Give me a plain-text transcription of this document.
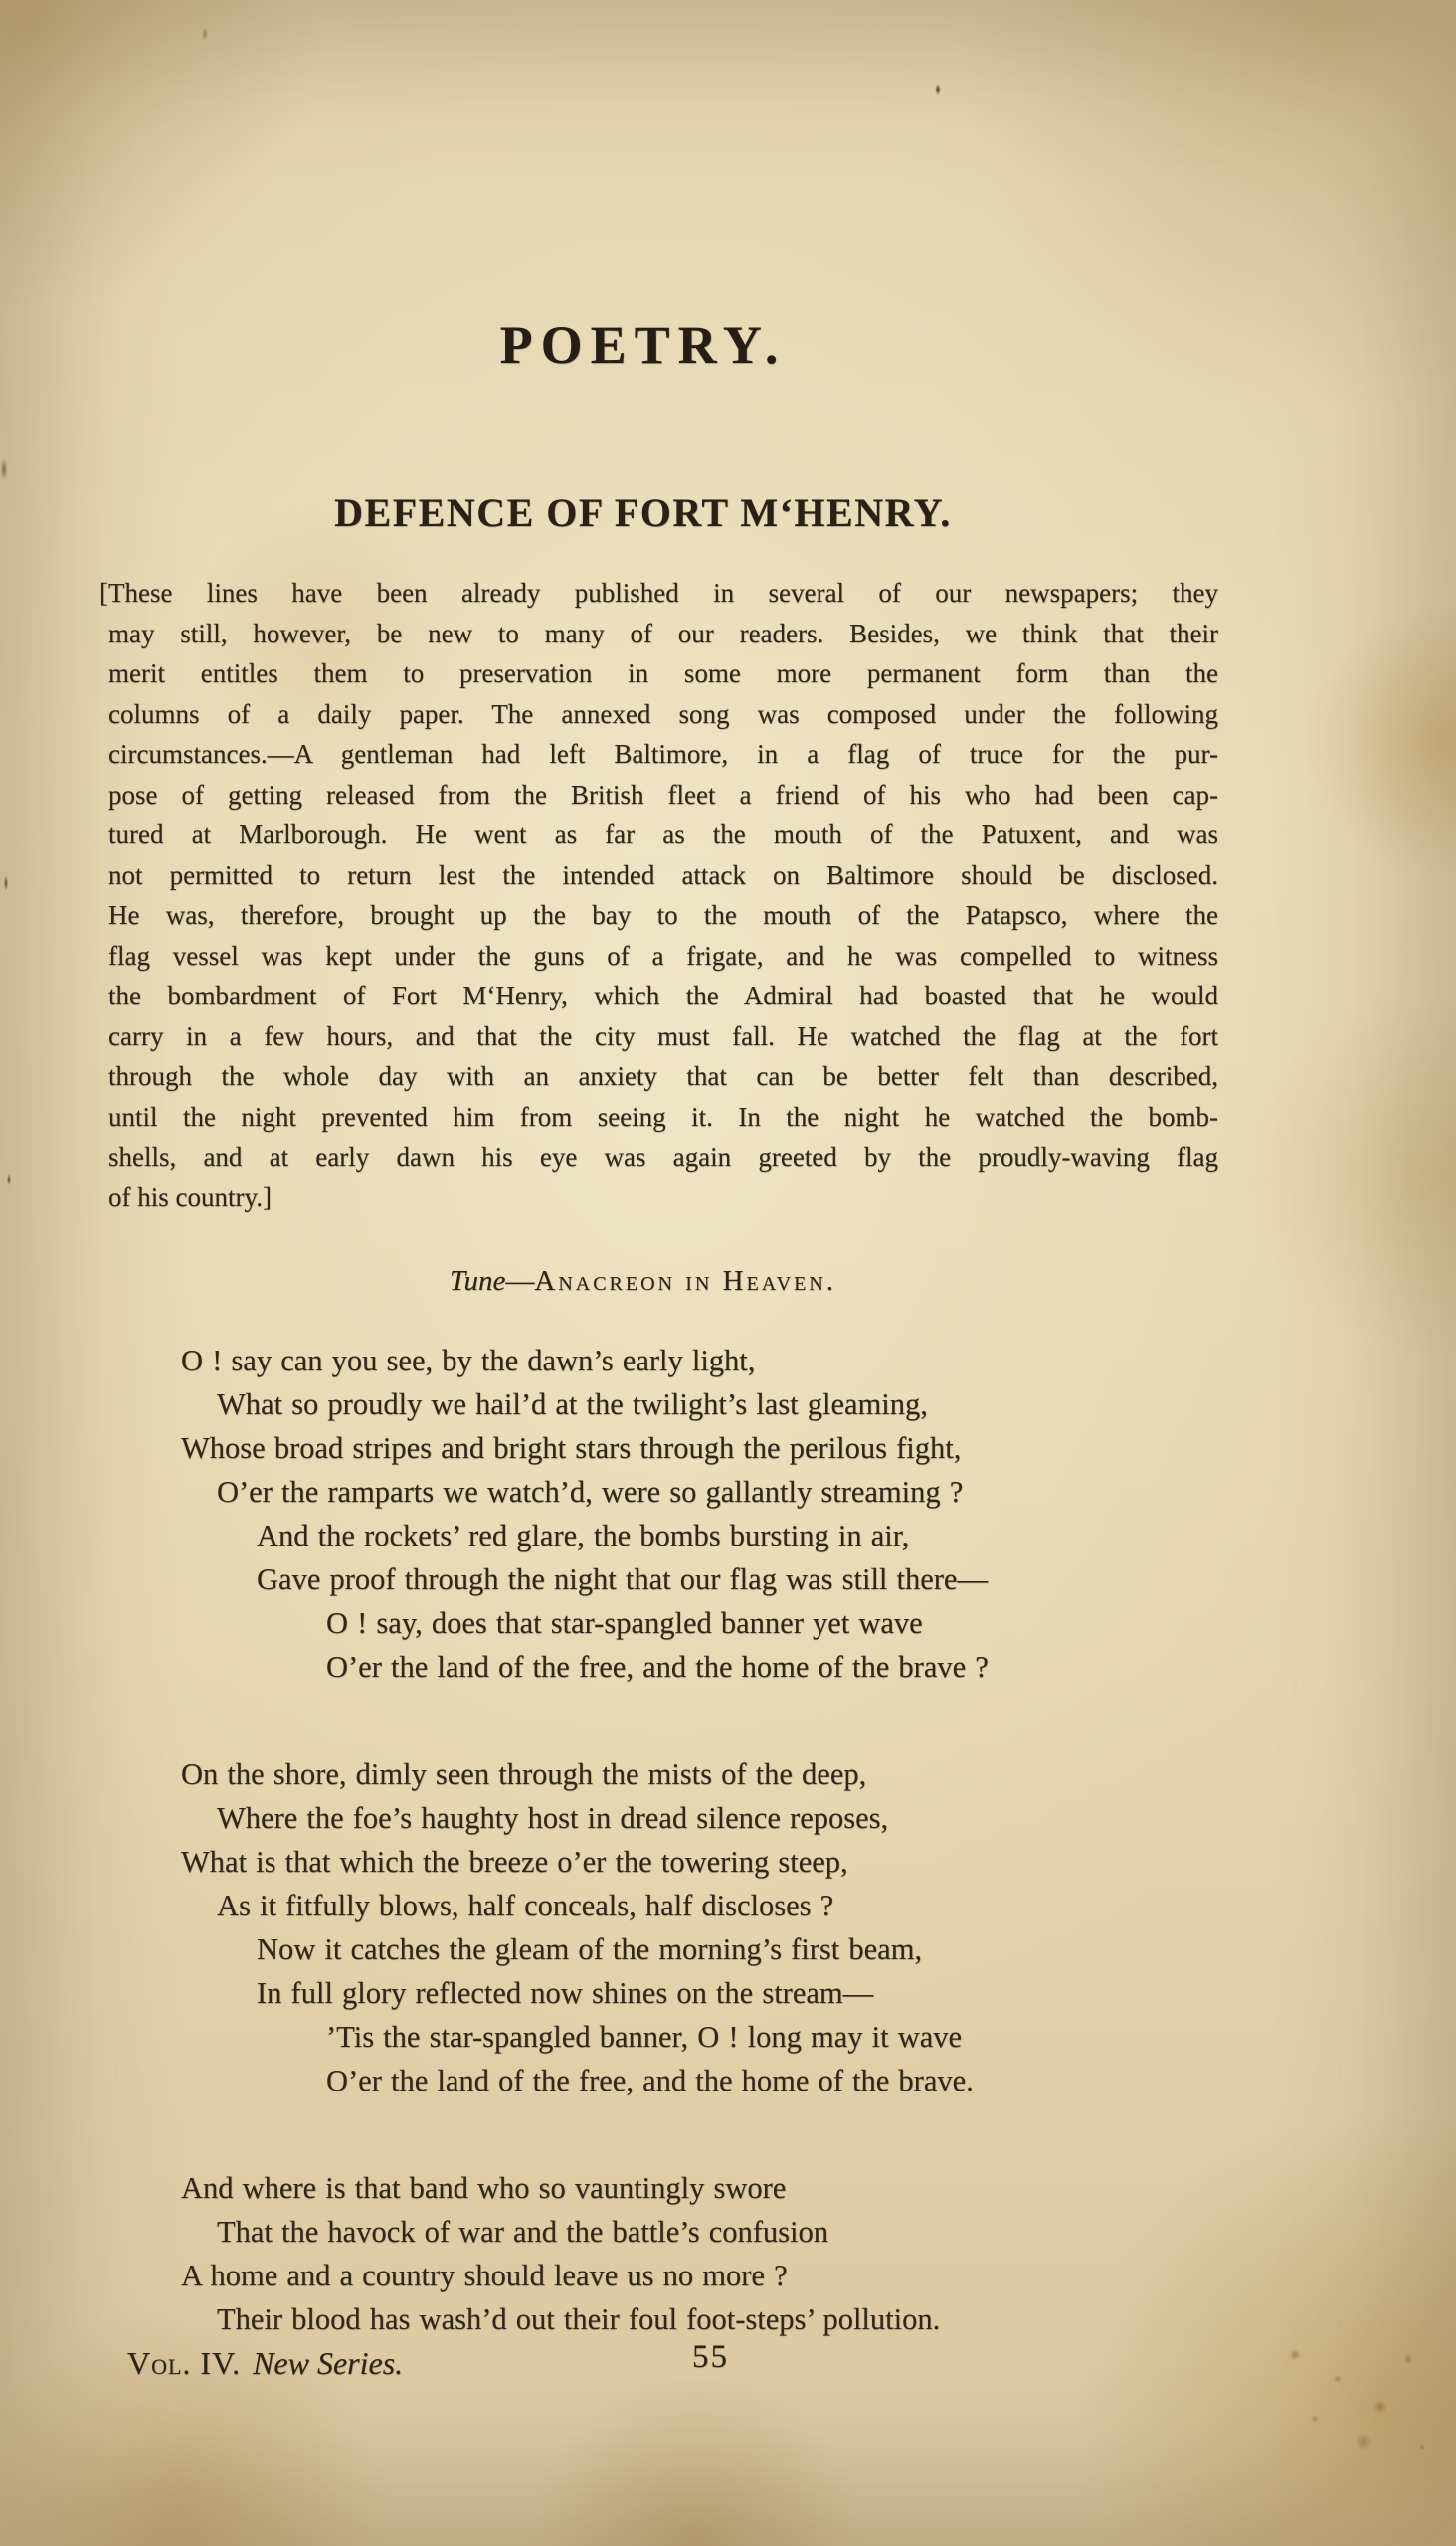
POETRY.
DEFENCE OF FORT M‘HENRY.
[These lines have been already published in several of our newspapers; they
may still, however, be new to many of our readers. Besides, we think that their
merit entitles them to preservation in some more permanent form than the
columns of a daily paper. The annexed song was composed under the following
circumstances.—A gentleman had left Baltimore, in a flag of truce for the pur-
pose of getting released from the British fleet a friend of his who had been cap-
tured at Marlborough. He went as far as the mouth of the Patuxent, and was
not permitted to return lest the intended attack on Baltimore should be disclosed.
He was, therefore, brought up the bay to the mouth of the Patapsco, where the
flag vessel was kept under the guns of a frigate, and he was compelled to witness
the bombardment of Fort M‘Henry, which the Admiral had boasted that he would
carry in a few hours, and that the city must fall. He watched the flag at the fort
through the whole day with an anxiety that can be better felt than described,
until the night prevented him from seeing it. In the night he watched the bomb-
shells, and at early dawn his eye was again greeted by the proudly-waving flag
of his country.]
Tune—Anacreon in Heaven.
O ! say can you see, by the dawn’s early light,
What so proudly we hail’d at the twilight’s last gleaming,
Whose broad stripes and bright stars through the perilous fight,
O’er the ramparts we watch’d, were so gallantly streaming ?
And the rockets’ red glare, the bombs bursting in air,
Gave proof through the night that our flag was still there—
O ! say, does that star-spangled banner yet wave
O’er the land of the free, and the home of the brave ?
On the shore, dimly seen through the mists of the deep,
Where the foe’s haughty host in dread silence reposes,
What is that which the breeze o’er the towering steep,
As it fitfully blows, half conceals, half discloses ?
Now it catches the gleam of the morning’s first beam,
In full glory reflected now shines on the stream—
’Tis the star-spangled banner, O ! long may it wave
O’er the land of the free, and the home of the brave.
And where is that band who so vauntingly swore
That the havock of war and the battle’s confusion
A home and a country should leave us no more ?
Their blood has wash’d out their foul foot-steps’ pollution.
Vol. IV. New Series.	55
